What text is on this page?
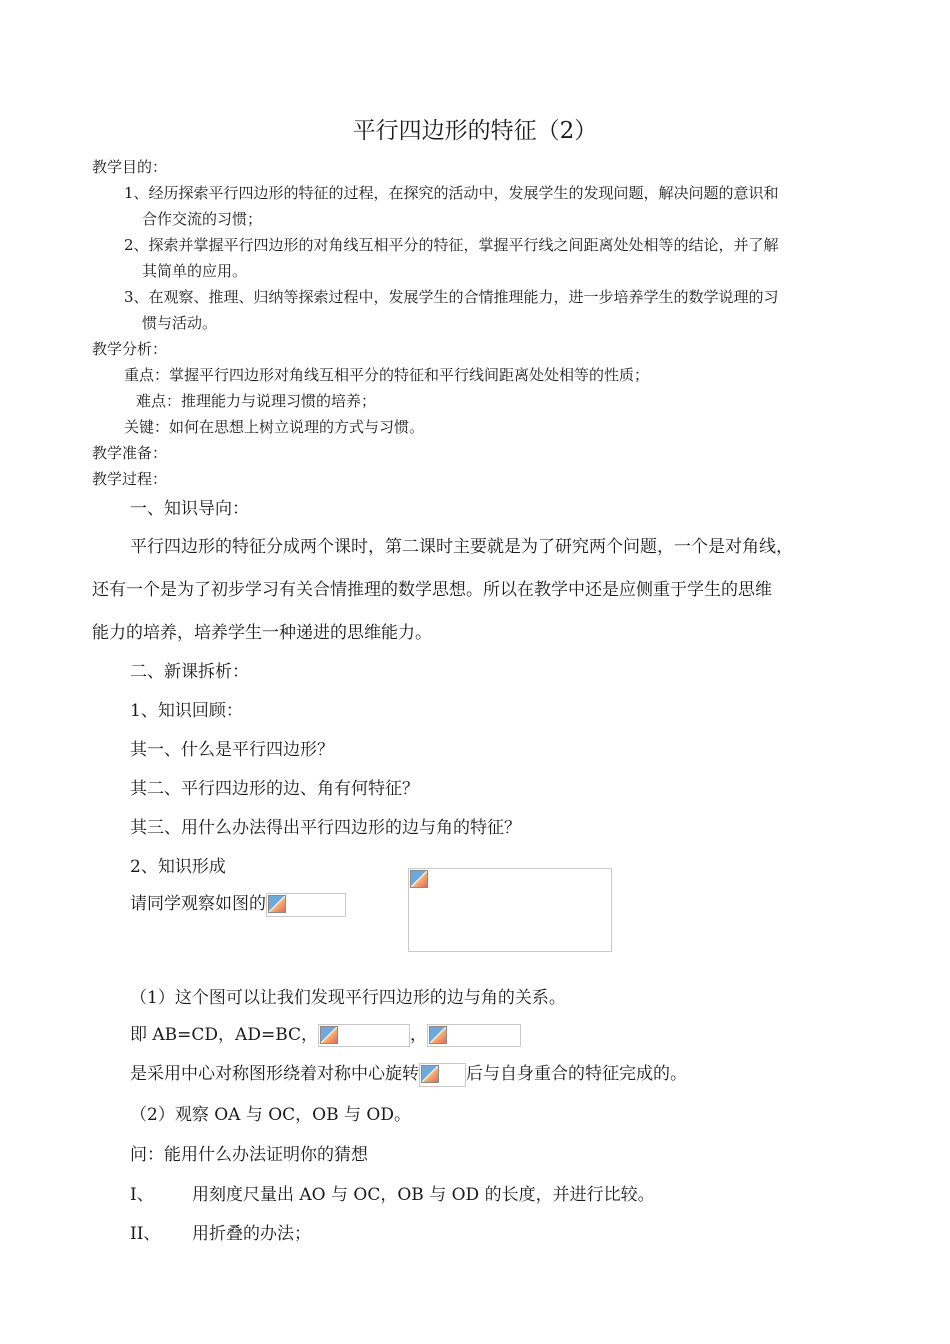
平行四边形的特征（2）
教学目的：
1、经历探索平行四边形的特征的过程，在探究的活动中，发展学生的发现问题，解决问题的意识和
合作交流的习惯；
2、探索并掌握平行四边形的对角线互相平分的特征，掌握平行线之间距离处处相等的结论，并了解
其简单的应用。
3、在观察、推理、归纳等探索过程中，发展学生的合情推理能力，进一步培养学生的数学说理的习
惯与活动。
教学分析：
重点：掌握平行四边形对角线互相平分的特征和平行线间距离处处相等的性质；
难点：推理能力与说理习惯的培养；
关键：如何在思想上树立说理的方式与习惯。
教学准备：
教学过程：
一、知识导向：
平行四边形的特征分成两个课时，第二课时主要就是为了研究两个问题，一个是对角线，
还有一个是为了初步学习有关合情推理的数学思想。所以在教学中还是应侧重于学生的思维
能力的培养，培养学生一种递进的思维能力。
二、新课拆析：
1、知识回顾：
其一、什么是平行四边形？
其二、平行四边形的边、角有何特征？
其三、用什么办法得出平行四边形的边与角的特征？
2、知识形成
请同学观察如图的
（1）这个图可以让我们发现平行四边形的边与角的关系。
即 AB=CD，AD=BC，	，
是采用中心对称图形绕着对称中心旋转	后与自身重合的特征完成的。
（2）观察 OA 与 OC，OB 与 OD。
问：能用什么办法证明你的猜想
I、 用刻度尺量出 AO 与 OC，OB 与 OD 的长度，并进行比较。
II、 用折叠的办法；
